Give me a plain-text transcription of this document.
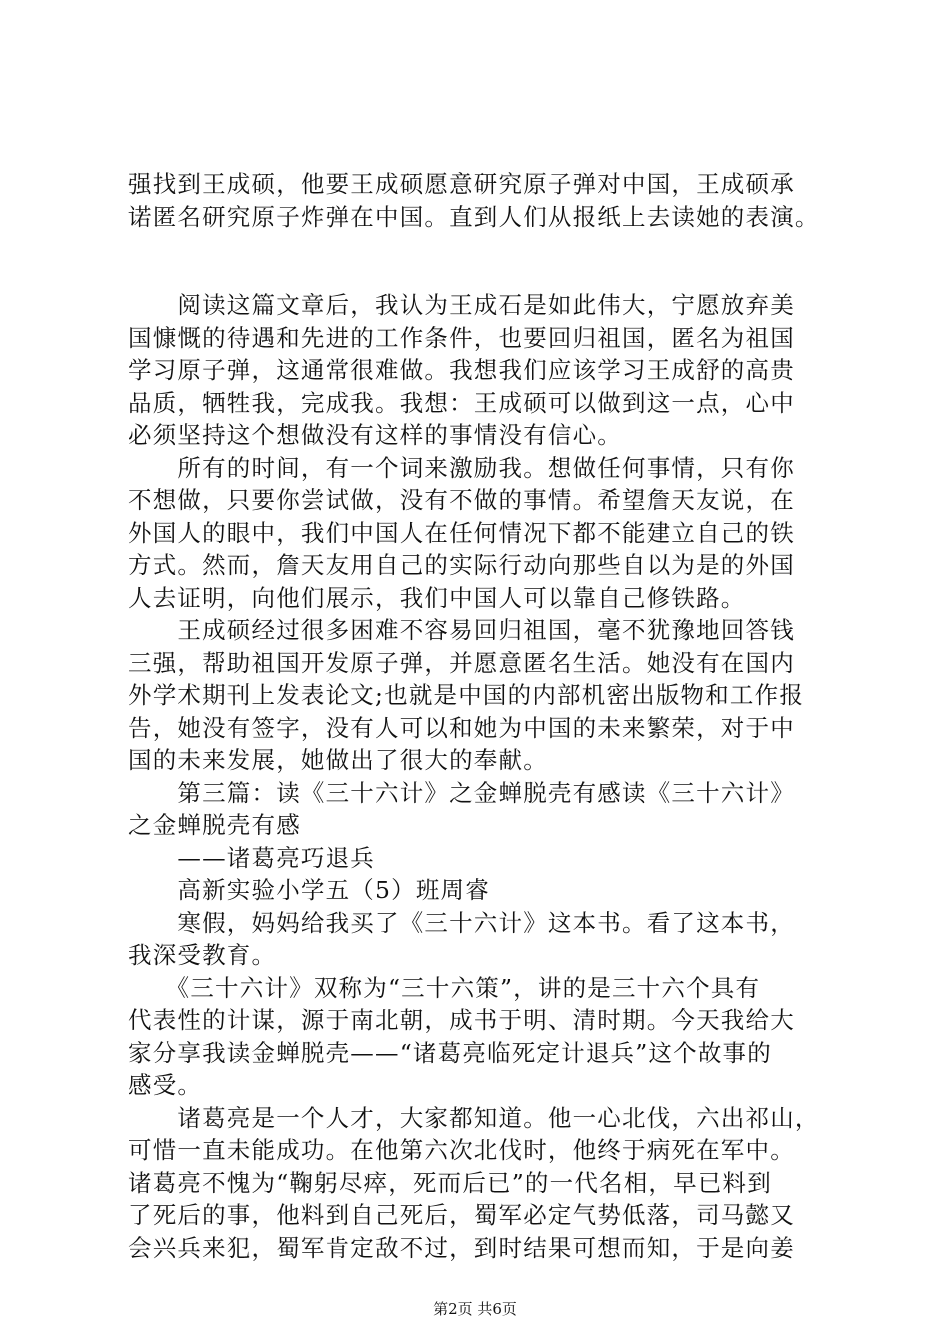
强找到王成硕，他要王成硕愿意研究原子弹对中国，王成硕承
诺匿名研究原子炸弹在中国。直到人们从报纸上去读她的表演。
　　阅读这篇文章后，我认为王成石是如此伟大，宁愿放弃美
国慷慨的待遇和先进的工作条件，也要回归祖国，匿名为祖国
学习原子弹，这通常很难做。我想我们应该学习王成舒的高贵
品质，牺牲我，完成我。我想：王成硕可以做到这一点，心中
必须坚持这个想做没有这样的事情没有信心。
　　所有的时间，有一个词来激励我。想做任何事情，只有你
不想做，只要你尝试做，没有不做的事情。希望詹天友说，在
外国人的眼中，我们中国人在任何情况下都不能建立自己的铁
方式。然而，詹天友用自己的实际行动向那些自以为是的外国
人去证明，向他们展示，我们中国人可以靠自己修铁路。
　　王成硕经过很多困难不容易回归祖国，毫不犹豫地回答钱
三强，帮助祖国开发原子弹，并愿意匿名生活。她没有在国内
外学术期刊上发表论文;也就是中国的内部机密出版物和工作报
告，她没有签字，没有人可以和她为中国的未来繁荣，对于中
国的未来发展，她做出了很大的奉献。
　　第三篇：读《三十六计》之金蝉脱壳有感读《三十六计》
之金蝉脱壳有感
　　——诸葛亮巧退兵
　　高新实验小学五（5）班周睿
　　寒假，妈妈给我买了《三十六计》这本书。看了这本书，
我深受教育。
　　《三十六计》双称为“三十六策”，讲的是三十六个具有
代表性的计谋，源于南北朝，成书于明、清时期。今天我给大
家分享我读金蝉脱壳——“诸葛亮临死定计退兵”这个故事的
感受。
　　诸葛亮是一个人才，大家都知道。他一心北伐，六出祁山，
可惜一直未能成功。在他第六次北伐时，他终于病死在军中。
诸葛亮不愧为“鞠躬尽瘁，死而后已”的一代名相，早已料到
了死后的事，他料到自己死后，蜀军必定气势低落，司马懿又
会兴兵来犯，蜀军肯定敌不过，到时结果可想而知，于是向姜
第2页 共6页
